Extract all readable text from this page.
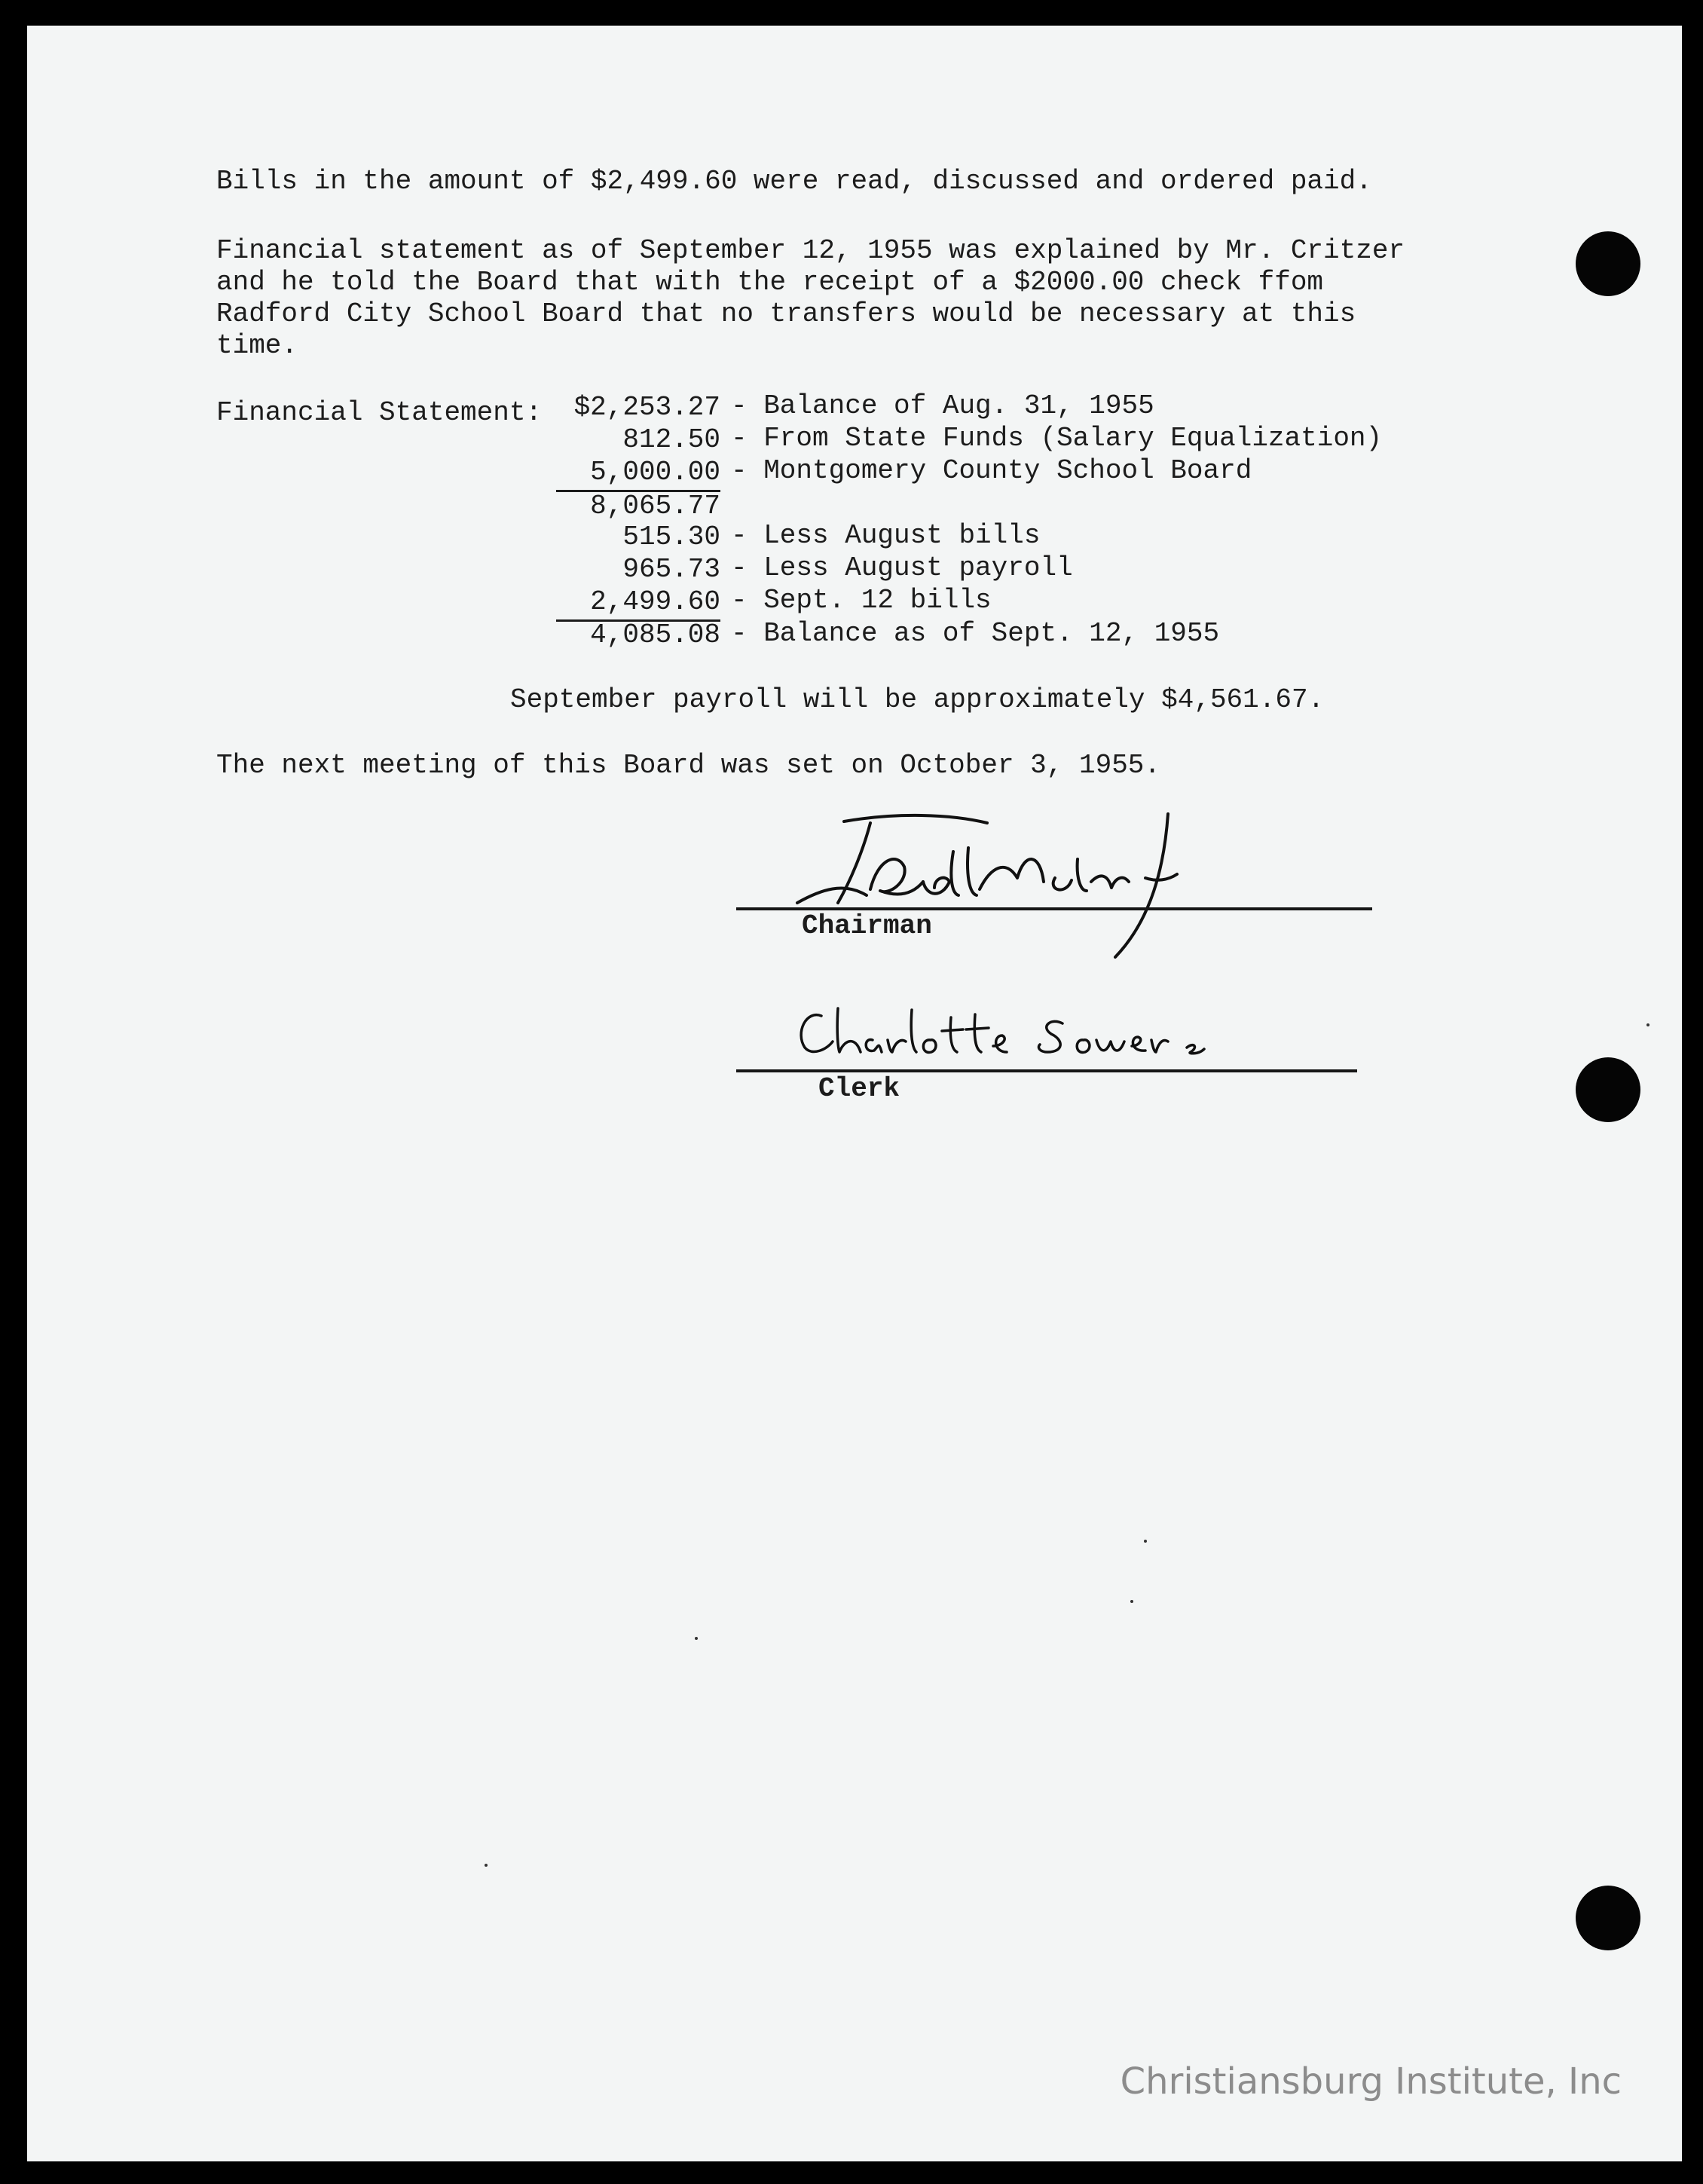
Bills in the amount of $2,499.60 were read, discussed and ordered paid.

Financial statement as of September 12, 1955 was explained by Mr. Critzer

and he told the Board that with the receipt of a $2000.00 check ffom

Radford City School Board that no transfers would be necessary at this

time.

Financial Statement:	$2,253.27 - Balance of Aug. 31, 1955

812.50 - From State Funds (Salary Equalization)

5,000.00 - Montgomery County School Board

8,065.77

515.30 - Less August bills

965.73 - Less August payroll

2,499.60 - Sept. 12 bills

4,085.08 - Balance as of Sept. 12, 1955

September payroll will be approximately $4,561.67.

The next meeting of this Board was set on October 3, 1955.

Chairman

Clerk

Christiansburg Institute, Inc
